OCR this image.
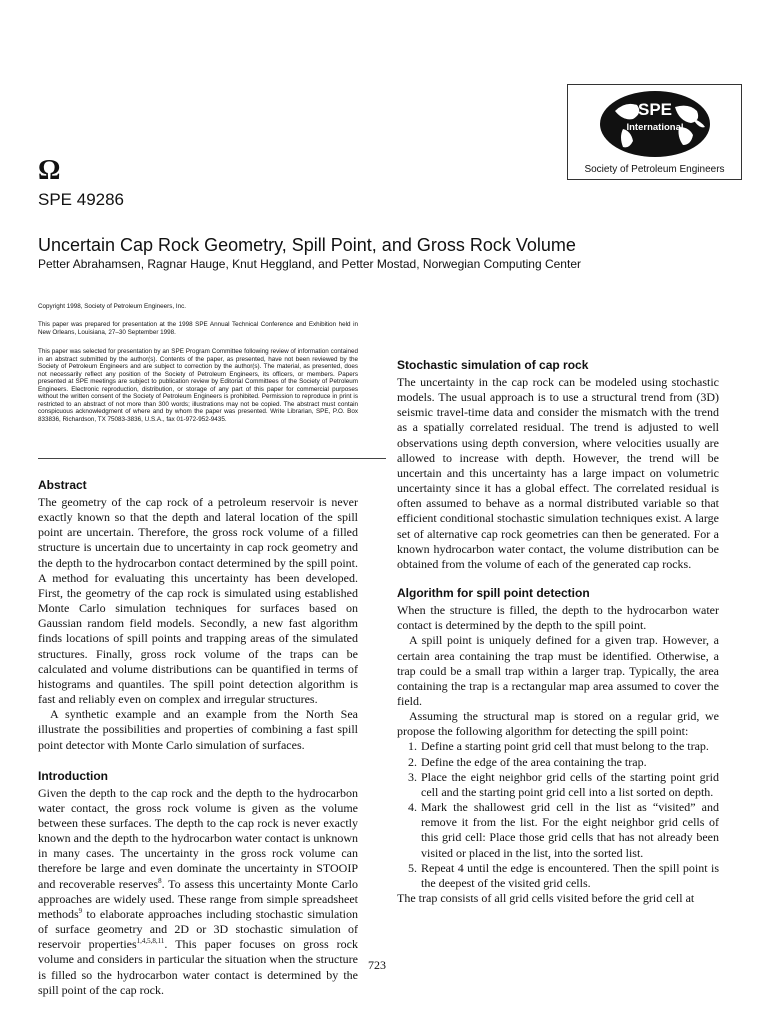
SPE
International
Society of Petroleum Engineers
Ω
SPE 49286
Uncertain Cap Rock Geometry, Spill Point, and Gross Rock Volume
Petter Abrahamsen, Ragnar Hauge, Knut Heggland, and Petter Mostad, Norwegian Computing Center
Copyright 1998, Society of Petroleum Engineers, Inc.
This paper was prepared for presentation at the 1998 SPE Annual Technical Conference and Exhibition held in New Orleans, Louisiana, 27–30 September 1998.
This paper was selected for presentation by an SPE Program Committee following review of information contained in an abstract submitted by the author(s). Contents of the paper, as presented, have not been reviewed by the Society of Petroleum Engineers and are subject to correction by the author(s). The material, as presented, does not necessarily reflect any position of the Society of Petroleum Engineers, its officers, or members. Papers presented at SPE meetings are subject to publication review by Editorial Committees of the Society of Petroleum Engineers. Electronic reproduction, distribution, or storage of any part of this paper for commercial purposes without the written consent of the Society of Petroleum Engineers is prohibited. Permission to reproduce in print is restricted to an abstract of not more than 300 words; illustrations may not be copied. The abstract must contain conspicuous acknowledgment of where and by whom the paper was presented. Write Librarian, SPE, P.O. Box 833836, Richardson, TX 75083-3836, U.S.A., fax 01-972-952-9435.
Abstract

The geometry of the cap rock of a petroleum reservoir is never exactly known so that the depth and lateral location of the spill point are uncertain. Therefore, the gross rock volume of a filled structure is uncertain due to uncertainty in cap rock geometry and the depth to the hydrocarbon contact determined by the spill point. A method for evaluating this uncertainty has been developed. First, the geometry of the cap rock is simulated using established Monte Carlo simulation techniques for surfaces based on Gaussian random field models. Secondly, a new fast algorithm finds locations of spill points and trapping areas of the simulated structures. Finally, gross rock volume of the traps can be calculated and volume distributions can be quantified in terms of histograms and quantiles. The spill point detection algorithm is fast and reliably even on complex and irregular structures.

A synthetic example and an example from the North Sea illustrate the possibilities and properties of combining a fast spill point detector with Monte Carlo simulation of surfaces.

Introduction

Given the depth to the cap rock and the depth to the hydrocarbon water contact, the gross rock volume is given as the volume between these surfaces. The depth to the cap rock is never exactly known and the depth to the hydrocarbon water contact is unknown in many cases. The uncertainty in the gross rock volume can therefore be large and even dominate the uncertainty in STOOIP and recoverable reserves$^8$. To assess this uncertainty Monte Carlo approaches are widely used. These range from simple spreadsheet methods$^9$ to elaborate approaches including stochastic simulation of surface geometry and 2D or 3D stochastic simulation of reservoir properties$^{1,4,5,8,11}$. This paper focuses on gross rock volume and considers in particular the situation when the structure is filled so the hydrocarbon water contact is determined by the spill point of the cap rock.

Stochastic simulation of cap rock

The uncertainty in the cap rock can be modeled using stochastic models. The usual approach is to use a structural trend from (3D) seismic travel-time data and consider the mismatch with the trend as a spatially correlated residual. The trend is adjusted to well observations using depth conversion, where velocities usually are allowed to increase with depth. However, the trend will be uncertain and this uncertainty has a large impact on volumetric uncertainty since it has a global effect. The correlated residual is often assumed to behave as a normal distributed variable so that efficient conditional stochastic simulation techniques exist. A large set of alternative cap rock geometries can then be generated. For a known hydrocarbon water contact, the volume distribution can be obtained from the volume of each of the generated cap rocks.

Algorithm for spill point detection

When the structure is filled, the depth to the hydrocarbon water contact is determined by the depth to the spill point.

A spill point is uniquely defined for a given trap. However, a certain area containing the trap must be identified. Otherwise, a trap could be a small trap within a larger trap. Typically, the area containing the trap is a rectangular map area assumed to cover the field.

Assuming the structural map is stored on a regular grid, we propose the following algorithm for detecting the spill point:

1. Define a starting point grid cell that must belong to the trap.
2. Define the edge of the area containing the trap.
3. Place the eight neighbor grid cells of the starting point grid cell and the starting point grid cell into a list sorted on depth.
4. Mark the shallowest grid cell in the list as “visited” and remove it from the list. For the eight neighbor grid cells of this grid cell: Place those grid cells that has not already been visited or placed in the list, into the sorted list.
5. Repeat 4 until the edge is encountered. Then the spill point is the deepest of the visited grid cells.

The trap consists of all grid cells visited before the grid cell at

723
